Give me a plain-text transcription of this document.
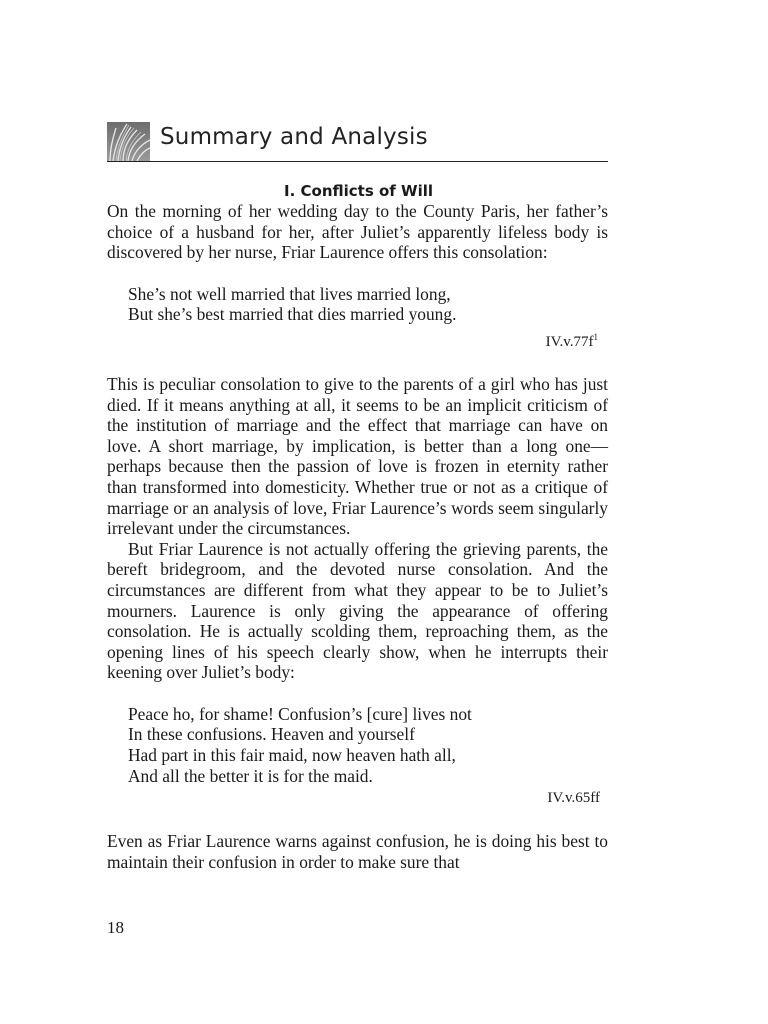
Summary and Analysis
I. Conflicts of Will

On the morning of her wedding day to the County Paris, her father’s choice of a husband for her, after Juliet’s apparently lifeless body is discovered by her nurse, Friar Laurence offers this consolation:

She’s not well married that lives married long,
But she’s best married that dies married young.
$IV.v.77f^1$

This is peculiar consolation to give to the parents of a girl who has just died. If it means anything at all, it seems to be an implicit criticism of the institution of marriage and the effect that marriage can have on love. A short marriage, by implication, is better than a long one—perhaps because then the passion of love is frozen in eternity rather than transformed into domesticity. Whether true or not as a critique of marriage or an analysis of love, Friar Laurence’s words seem singularly irrelevant under the circumstances.

But Friar Laurence is not actually offering the grieving parents, the bereft bridegroom, and the devoted nurse consolation. And the circumstances are different from what they appear to be to Juliet’s mourners. Laurence is only giving the appearance of offering consolation. He is actually scolding them, reproaching them, as the opening lines of his speech clearly show, when he interrupts their keening over Juliet’s body:

Peace ho, for shame! Confusion’s [cure] lives not
In these confusions. Heaven and yourself
Had part in this fair maid, now heaven hath all,
And all the better it is for the maid.
IV.v.65ff

Even as Friar Laurence warns against confusion, he is doing his best to maintain their confusion in order to make sure that

18
